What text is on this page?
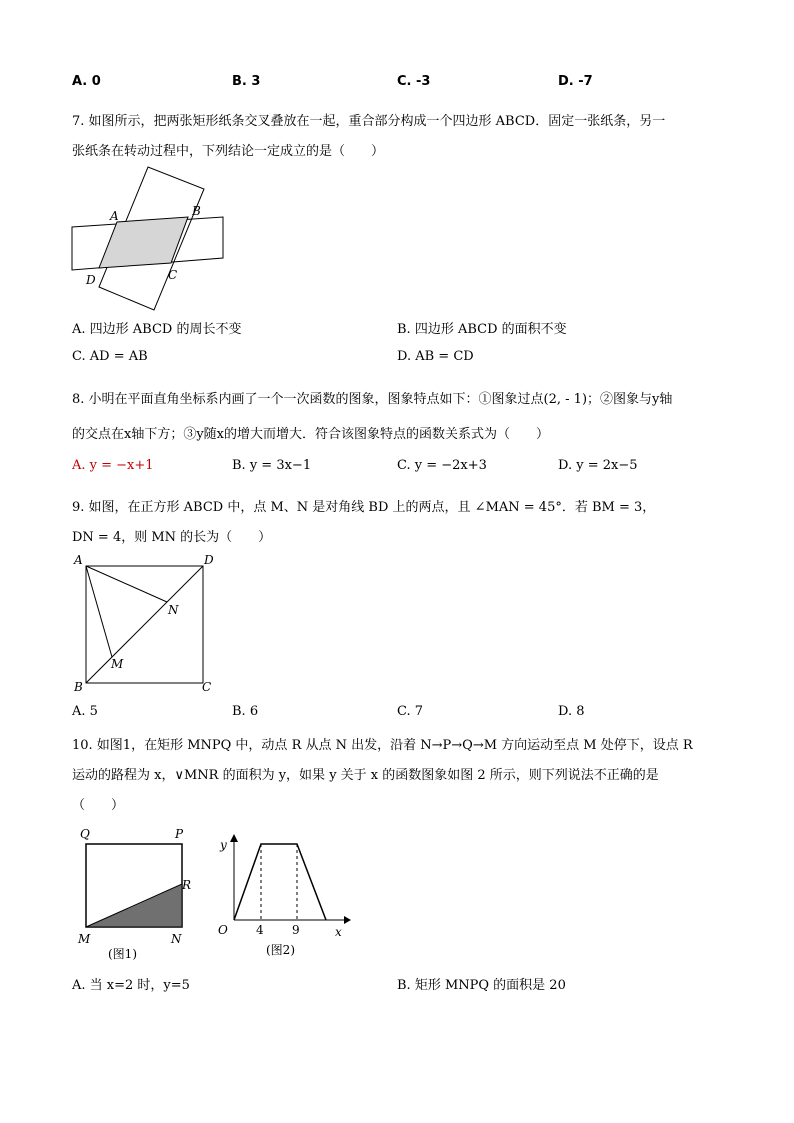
A. 0	B. 3	C. -3	D. -7
7. 如图所示，把两张矩形纸条交叉叠放在一起，重合部分构成一个四边形 ABCD．固定一张纸条，另一
张纸条在转动过程中，下列结论一定成立的是（　　）
A	B
C
D
A. 四边形 ABCD 的周长不变	B. 四边形 ABCD 的面积不变
C. AD = AB	D. AB = CD
8. 小明在平面直角坐标系内画了一个一次函数的图象，图象特点如下：①图象过点(2, - 1)；②图象与y轴
的交点在x轴下方；③y随x的增大而增大．符合该图象特点的函数关系式为（　　）
A. y = −x+1	B. y = 3x−1	C. y = −2x+3	D. y = 2x−5
9. 如图，在正方形 ABCD 中，点 M、N 是对角线 BD 上的两点，且 ∠MAN = 45°．若 BM = 3，
DN = 4，则 MN 的长为（　　）
A	D
B	C
M
N
A. 5	B. 6	C. 7	D. 8
10. 如图1，在矩形 MNPQ 中，动点 R 从点 N 出发，沿着 N→P→Q→M 方向运动至点 M 处停下，设点 R
运动的路程为 x，∨MNR 的面积为 y，如果 y 关于 x 的函数图象如图 2 所示，则下列说法不正确的是
（　　）
Q	P
R
M	N
(图1)
y
x
O 4 9
(图2)
A. 当 x=2 时，y=5	B. 矩形 MNPQ 的面积是 20
